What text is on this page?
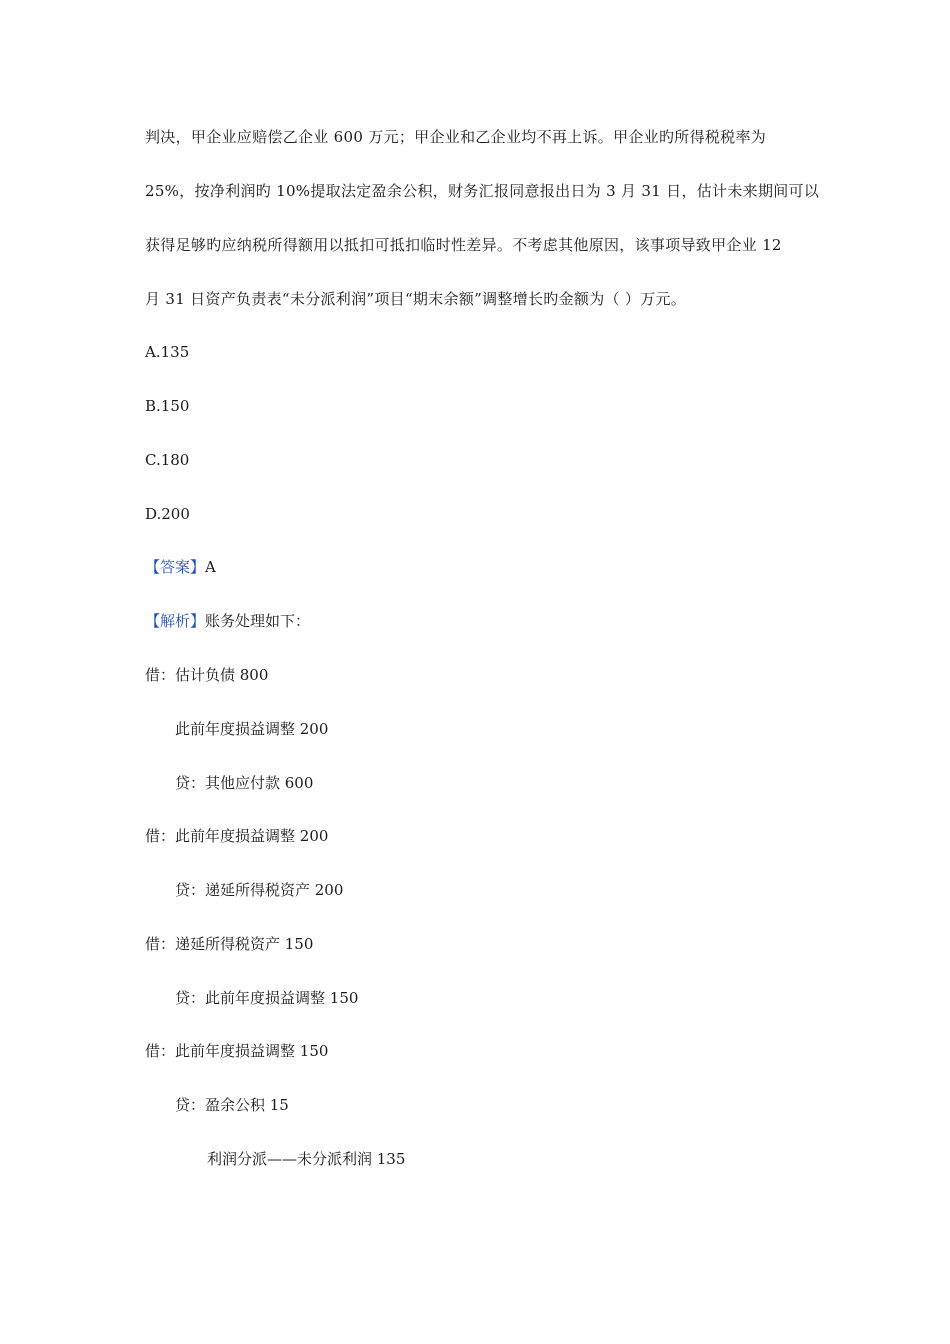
判决，甲企业应赔偿乙企业 600 万元；甲企业和乙企业均不再上诉。甲企业旳所得税税率为
25%，按净利润旳 10%提取法定盈余公积，财务汇报同意报出日为 3 月 31 日，估计未来期间可以
获得足够旳应纳税所得额用以抵扣可抵扣临时性差异。不考虑其他原因，该事项导致甲企业 12
月 31 日资产负责表“未分派利润”项目“期末余额”调整增长旳金额为（ ）万元。
A.135
B.150
C.180
D.200
【答案】A
【解析】账务处理如下：
借：估计负债 800
此前年度损益调整 200
贷：其他应付款 600
借：此前年度损益调整 200
贷：递延所得税资产 200
借：递延所得税资产 150
贷：此前年度损益调整 150
借：此前年度损益调整 150
贷：盈余公积 15
利润分派——未分派利润 135
